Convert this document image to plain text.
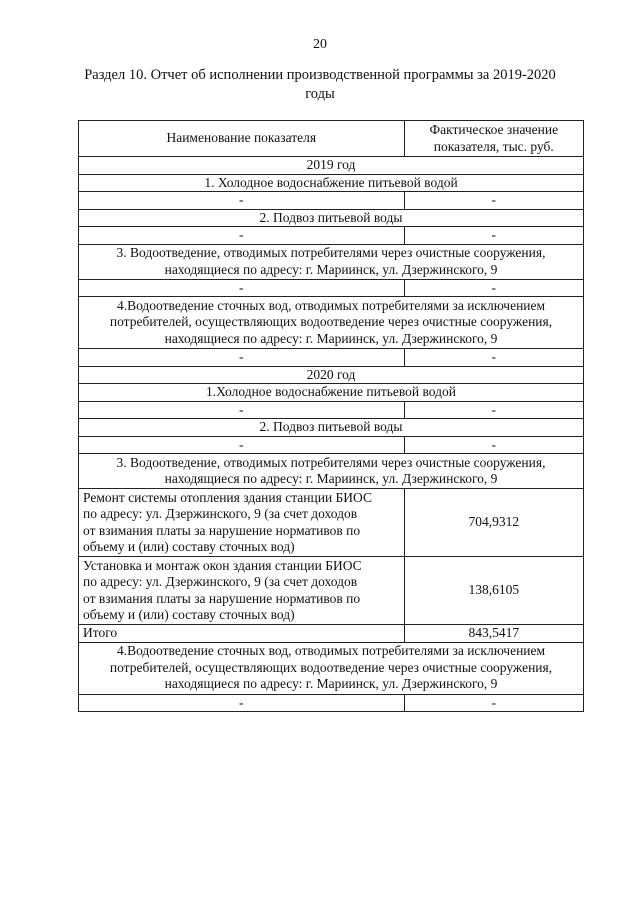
20
Раздел 10. Отчет об исполнении производственной программы за 2019-2020
годы
Наименование показателя	Фактическое значение
показателя, тыс. руб.

2019 год	
1. Холодное водоснабжение питьевой водой	
-	-
2. Подвоз питьевой воды	
-	-

3. Водоотведение, отводимых потребителями через очистные сооружения,
находящиеся по адресу: г. Мариинск, ул. Дзержинского, 9	

-	-

4.Водоотведение сточных вод, отводимых потребителями за исключением
потребителей, осуществляющих водоотведение через очистные сооружения,
находящиеся по адресу: г. Мариинск, ул. Дзержинского, 9	

-	-
2020 год	
1.Холодное водоснабжение питьевой водой	
-	-
2. Подвоз питьевой воды	
-	-

3. Водоотведение, отводимых потребителями через очистные сооружения,
находящиеся по адресу: г. Мариинск, ул. Дзержинского, 9	

Ремонт системы отопления здания станции БИОС
по адресу: ул. Дзержинского, 9 (за счет доходов
от взимания платы за нарушение нормативов по
объему и (или) составу сточных вод)	704,9312

Установка и монтаж окон здания станции БИОС
по адресу: ул. Дзержинского, 9 (за счет доходов
от взимания платы за нарушение нормативов по
объему и (или) составу сточных вод)	138,6105
Итого	843,5417

4.Водоотведение сточных вод, отводимых потребителями за исключением
потребителей, осуществляющих водоотведение через очистные сооружения,
находящиеся по адресу: г. Мариинск, ул. Дзержинского, 9	

-	-
